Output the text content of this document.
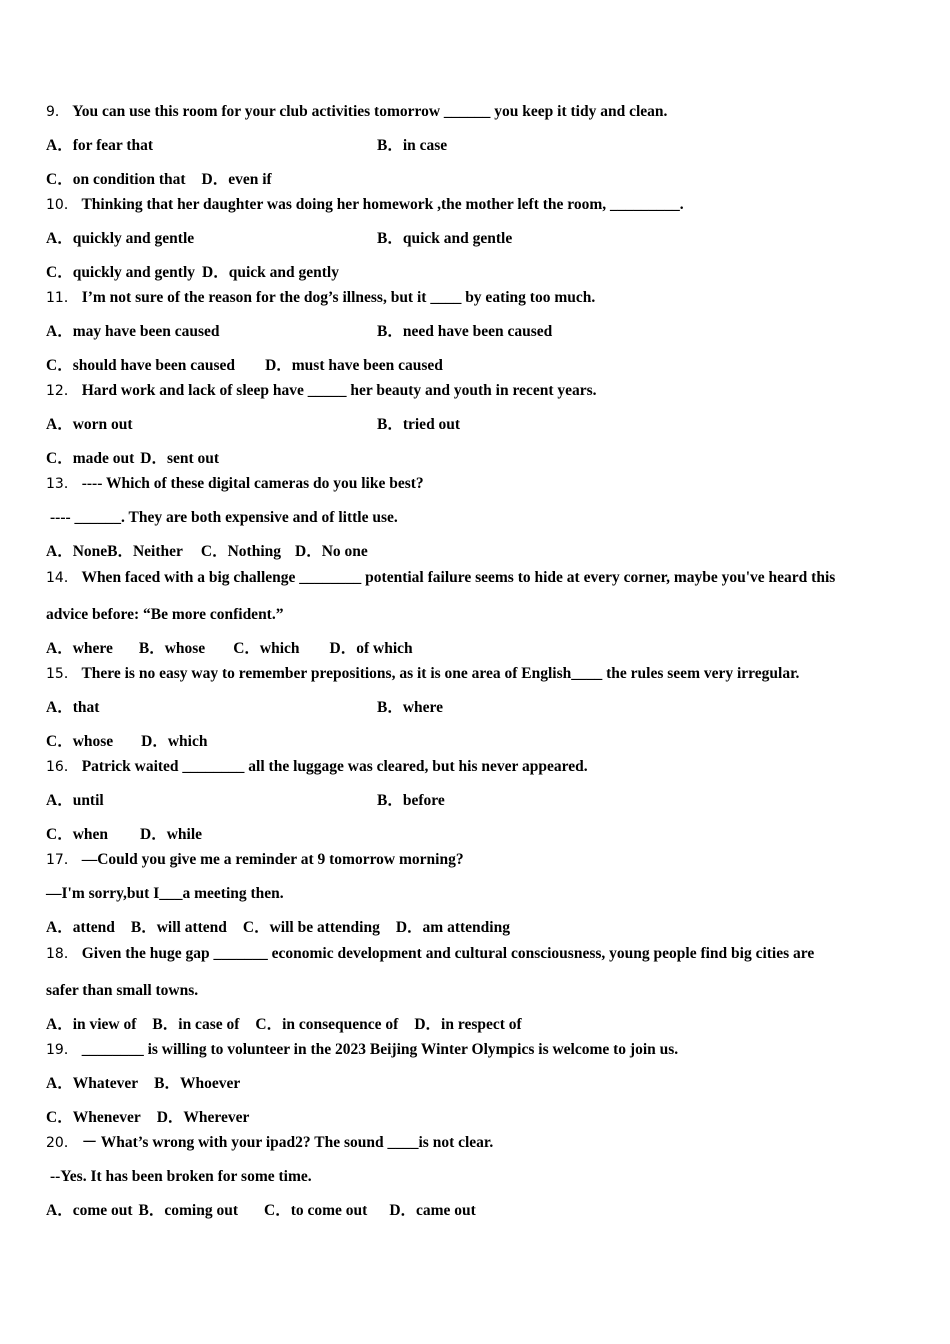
9． You can use this room for your club activities tomorrow ______ you keep it tidy and clean.
A．for fear that	B．in case
C．on condition that D．even if
10． Thinking that her daughter was doing her homework ,the mother left the room, _________.
A．quickly and gentle	B．quick and gentle
C．quickly and gently D．quick and gently
11． I’m not sure of the reason for the dog’s illness, but it ____ by eating too much.
A．may have been caused	B．need have been caused
C．should have been caused D．must have been caused
12． Hard work and lack of sleep have _____ her beauty and youth in recent years.
A．worn out	B．tried out
C．made out D．sent out
13． ---- Which of these digital cameras do you like best?
---- ______. They are both expensive and of little use.
A．NoneB．Neither C．Nothing D．No one
14． When faced with a big challenge ________ potential failure seems to hide at every corner, maybe you've heard this
advice before: “Be more confident.”
A．where B．whose C．which D．of which
15． There is no easy way to remember prepositions, as it is one area of English____ the rules seem very irregular.
A．that	B．where
C．whose D．which
16． Patrick waited ________ all the luggage was cleared, but his never appeared.
A．until	B．before
C．when D．while
17． —Could you give me a reminder at 9 tomorrow morning?
—I'm sorry,but I___a meeting then.
A．attend B．will attend C．will be attending D．am attending
18． Given the huge gap _______ economic development and cultural consciousness, young people find big cities are
safer than small towns.
A．in view of B．in case of C．in consequence of D．in respect of
19． ________ is willing to volunteer in the 2023 Beijing Winter Olympics is welcome to join us.
A．Whatever B．Whoever
C．Whenever D．Wherever
20． － What’s wrong with your ipad2? The sound ____is not clear.
--Yes. It has been broken for some time.
A．come out B．coming out C．to come out D．came out
